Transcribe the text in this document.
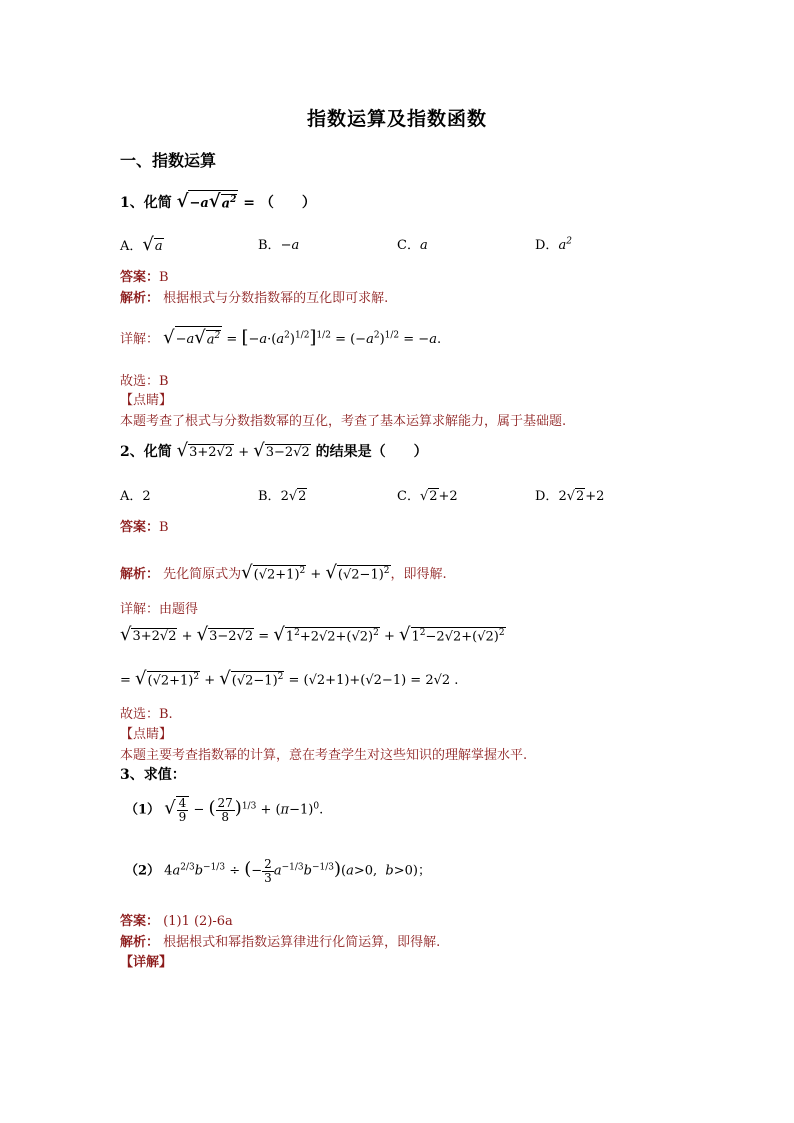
指数运算及指数函数
一、指数运算
1、化简 $√-a√a^2$ = （　　）
A．√a	B．−a	C．a	D．$a^2$
答案：B
解析： 根据根式与分数指数幂的互化即可求解.
详解： $√-a√a^2 = [-a\cdot(a^2)^{1/2}]^{1/2} = (-a^2)^{1/2} = -a$.
故选：B
【点睛】
本题考查了根式与分数指数幂的互化，考查了基本运算求解能力，属于基础题.
2、化简 √3+2√2 + √3−2√2 的结果是（　　）
A．2	B．2√2	C．√2+2	D．2√2+2
答案：B
解析： 先化简原式为$√(√2+1)^2 + √(√2-1)^2$，即得解.
详解：由题得
$√3+2√2 + √3-2√2 = √1^2+2√2+(√2)^2 + √1^2-2√2+(√2)^2$
= $√(√2+1)^2 + √(√2-1)^2 = (√2+1)+(√2-1) = 2√2$ .
故选：B.
【点睛】
本题主要考查指数幂的计算，意在考查学生对这些知识的理解掌握水平.
3、求值：
（1） √ $\frac{4}{9}$ − ( $\frac{27}{8} )^{1/3} + (\pi-1)^0$.
（2） $4a^{2/3}b^{-1/3}$ ÷ (− $\frac{2}{3} a^{-1/3}b^{-1/3})(a>0$,  b>0)；
答案： (1)1 (2)-6a
解析： 根据根式和幂指数运算律进行化简运算，即得解.
【详解】
